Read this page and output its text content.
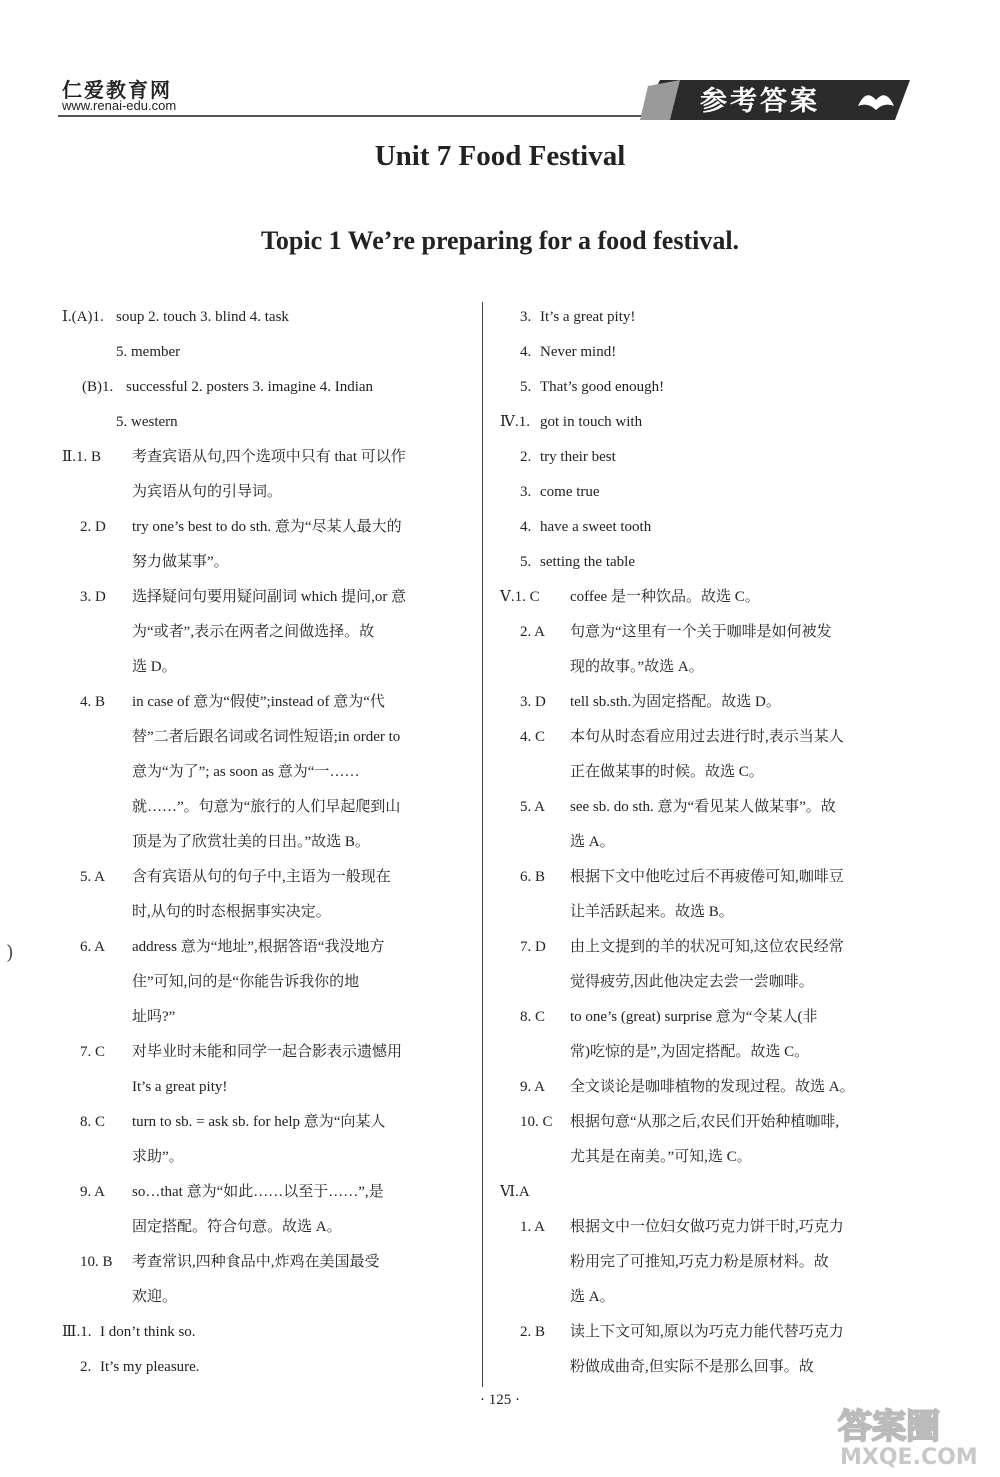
仁爱教育网
www.renai-edu.com	参考答案
Unit 7 Food Festival
Topic 1 We’re preparing for a food festival.
)
Ⅰ.(A)1. soup 2. touch 3. blind 4. task
5. member
(B)1. successful 2. posters 3. imagine 4. Indian
5. western
Ⅱ.1. B 考查宾语从句,四个选项中只有 that 可以作
为宾语从句的引导词。
2. D try one’s best to do sth. 意为“尽某人最大的
努力做某事”。
3. D 选择疑问句要用疑问副词 which 提问,or 意
为“或者”,表示在两者之间做选择。故
选 D。
4. B in case of 意为“假使”;instead of 意为“代
替”二者后跟名词或名词性短语;in order to
意为“为了”; as soon as 意为“一……
就……”。句意为“旅行的人们早起爬到山
顶是为了欣赏壮美的日出。”故选 B。
5. A 含有宾语从句的句子中,主语为一般现在
时,从句的时态根据事实决定。
6. A address 意为“地址”,根据答语“我没地方
住”可知,问的是“你能告诉我你的地
址吗?”
7. C 对毕业时未能和同学一起合影表示遗憾用
It’s a great pity!
8. C turn to sb. = ask sb. for help 意为“向某人
求助”。
9. A so…that 意为“如此……以至于……”,是
固定搭配。符合句意。故选 A。
10. B 考查常识,四种食品中,炸鸡在美国最受
欢迎。
Ⅲ.1. I don’t think so.
2. It’s my pleasure.
3. It’s a great pity!
4. Never mind!
5. That’s good enough!
Ⅳ.1. got in touch with
2. try their best
3. come true
4. have a sweet tooth
5. setting the table
Ⅴ.1. C coffee 是一种饮品。故选 C。
2. A 句意为“这里有一个关于咖啡是如何被发
现的故事。”故选 A。
3. D tell sb.sth.为固定搭配。故选 D。
4. C 本句从时态看应用过去进行时,表示当某人
正在做某事的时候。故选 C。
5. A see sb. do sth. 意为“看见某人做某事”。故
选 A。
6. B 根据下文中他吃过后不再疲倦可知,咖啡豆
让羊活跃起来。故选 B。
7. D 由上文提到的羊的状况可知,这位农民经常
觉得疲劳,因此他决定去尝一尝咖啡。
8. C to one’s (great) surprise 意为“令某人(非
常)吃惊的是”,为固定搭配。故选 C。
9. A 全文谈论是咖啡植物的发现过程。故选 A。
10. C 根据句意“从那之后,农民们开始种植咖啡,
尤其是在南美。”可知,选 C。
Ⅵ.A
1. A 根据文中一位妇女做巧克力饼干时,巧克力
粉用完了可推知,巧克力粉是原材料。故
选 A。
2. B 读上下文可知,原以为巧克力能代替巧克力
粉做成曲奇,但实际不是那么回事。故
· 125 ·
答案圈
MXQE.COM
